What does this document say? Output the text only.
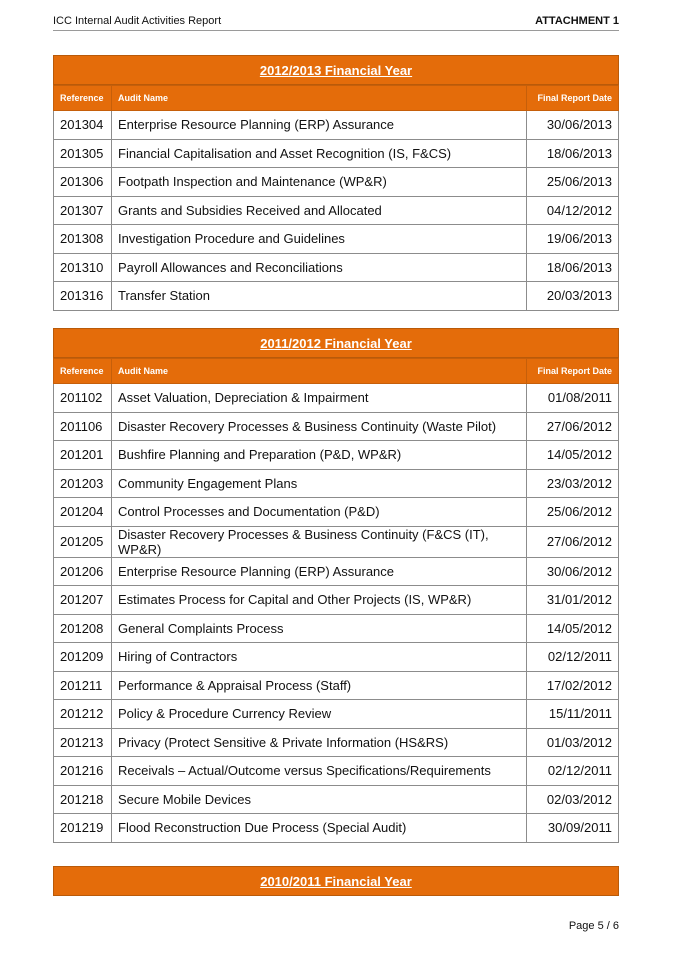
ICC Internal Audit Activities Report	ATTACHMENT 1
2012/2013 Financial Year
Reference	Audit Name	Final Report Date
201304	Enterprise Resource Planning (ERP) Assurance	30/06/2013
201305	Financial Capitalisation and Asset Recognition (IS, F&CS)	18/06/2013
201306	Footpath Inspection and Maintenance (WP&R)	25/06/2013
201307	Grants and Subsidies Received and Allocated	04/12/2012
201308	Investigation Procedure and Guidelines	19/06/2013
201310	Payroll Allowances and Reconciliations	18/06/2013
201316	Transfer Station	20/03/2013
2011/2012 Financial Year
Reference	Audit Name	Final Report Date
201102	Asset Valuation, Depreciation & Impairment	01/08/2011
201106	Disaster Recovery Processes & Business Continuity (Waste Pilot)	27/06/2012
201201	Bushfire Planning and Preparation (P&D, WP&R)	14/05/2012
201203	Community Engagement Plans	23/03/2012
201204	Control Processes and Documentation (P&D)	25/06/2012
201205	Disaster Recovery Processes & Business Continuity (F&CS (IT), WP&R)	27/06/2012
201206	Enterprise Resource Planning (ERP) Assurance	30/06/2012
201207	Estimates Process for Capital and Other Projects (IS, WP&R)	31/01/2012
201208	General Complaints Process	14/05/2012
201209	Hiring of Contractors	02/12/2011
201211	Performance & Appraisal Process (Staff)	17/02/2012
201212	Policy & Procedure Currency Review	15/11/2011
201213	Privacy (Protect Sensitive & Private Information (HS&RS)	01/03/2012
201216	Receivals – Actual/Outcome versus Specifications/Requirements	02/12/2011
201218	Secure Mobile Devices	02/03/2012
201219	Flood Reconstruction Due Process (Special Audit)	30/09/2011
2010/2011 Financial Year
Page 5 / 6
